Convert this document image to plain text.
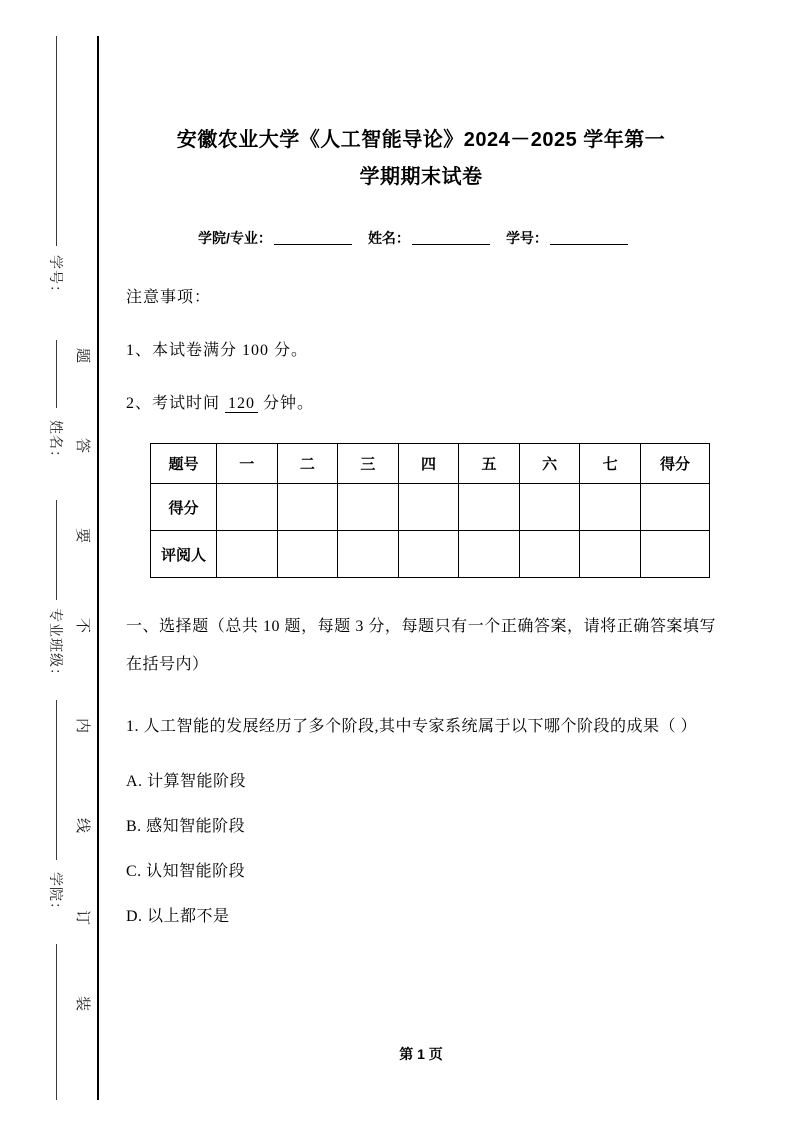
学号：
姓名：
专业班级：
学院：
题
答
要
不
内
线
订
装
安徽农业大学《人工智能导论》2024－2025 学年第一
学期期末试卷
学院/专业：	姓名：	学号：
注意事项：
1、本试卷满分 100 分。
2、考试时间 120 分钟。
题号	一	二	三	四	五	六	七	得分
得分								
评阅人								
一、选择题（总共 10 题，每题 3 分，每题只有一个正确答案，请将正确答案填写在括号内）
1. 人工智能的发展经历了多个阶段,其中专家系统属于以下哪个阶段的成果（ ）
A. 计算智能阶段
B. 感知智能阶段
C. 认知智能阶段
D. 以上都不是
第 1 页
